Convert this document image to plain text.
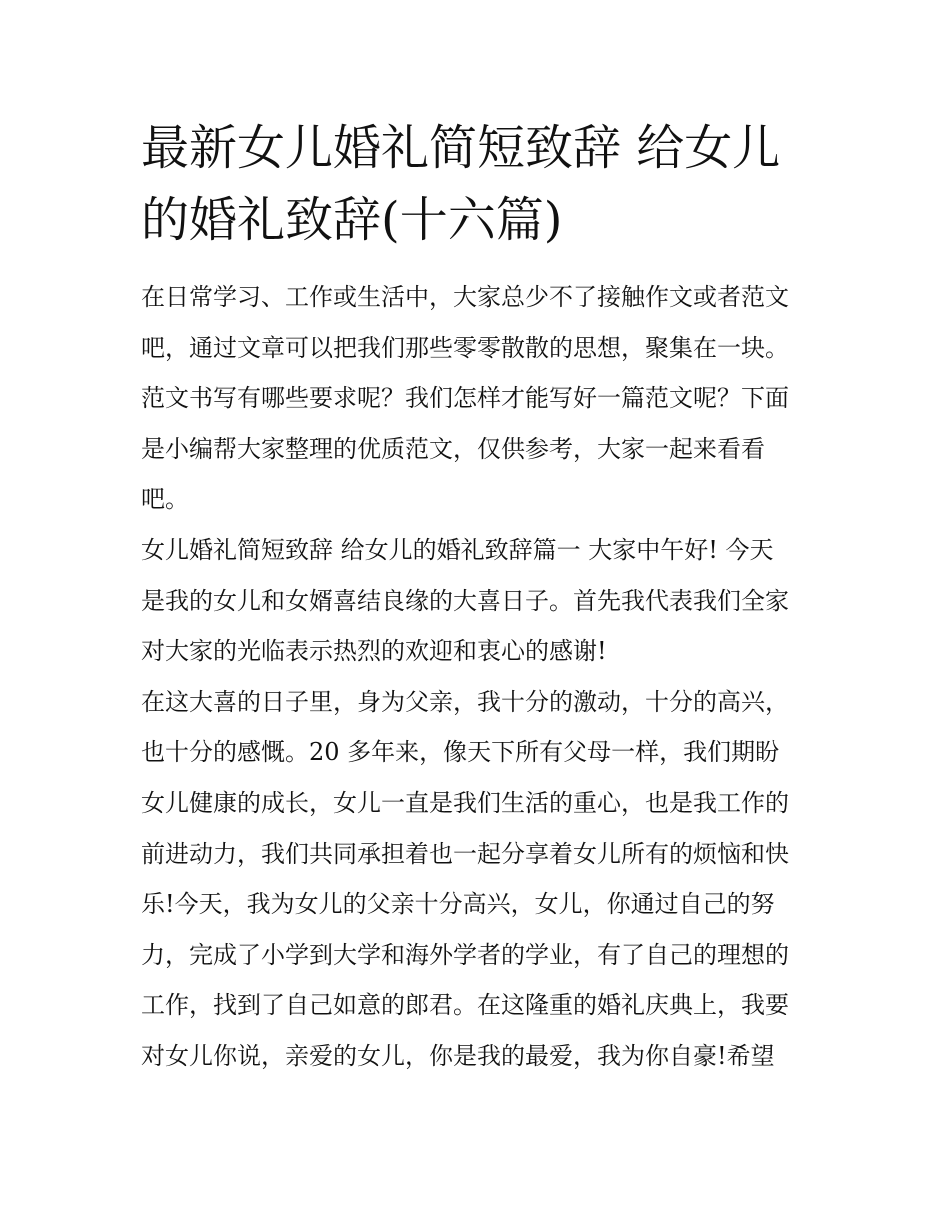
最新女儿婚礼简短致辞 给女儿
的婚礼致辞(十六篇)

在日常学习、工作或生活中，大家总少不了接触作文或者范文
吧，通过文章可以把我们那些零零散散的思想，聚集在一块。
范文书写有哪些要求呢？我们怎样才能写好一篇范文呢？下面
是小编帮大家整理的优质范文，仅供参考，大家一起来看看
吧。

女儿婚礼简短致辞 给女儿的婚礼致辞篇一 大家中午好! 今天
是我的女儿和女婿喜结良缘的大喜日子。首先我代表我们全家
对大家的光临表示热烈的欢迎和衷心的感谢!

在这大喜的日子里，身为父亲，我十分的激动，十分的高兴，
也十分的感慨。20 多年来，像天下所有父母一样，我们期盼
女儿健康的成长，女儿一直是我们生活的重心，也是我工作的
前进动力，我们共同承担着也一起分享着女儿所有的烦恼和快
乐!今天，我为女儿的父亲十分高兴，女儿，你通过自己的努
力，完成了小学到大学和海外学者的学业，有了自己的理想的
工作，找到了自己如意的郎君。在这隆重的婚礼庆典上，我要
对女儿你说，亲爱的女儿，你是我的最爱，我为你自豪!希望
